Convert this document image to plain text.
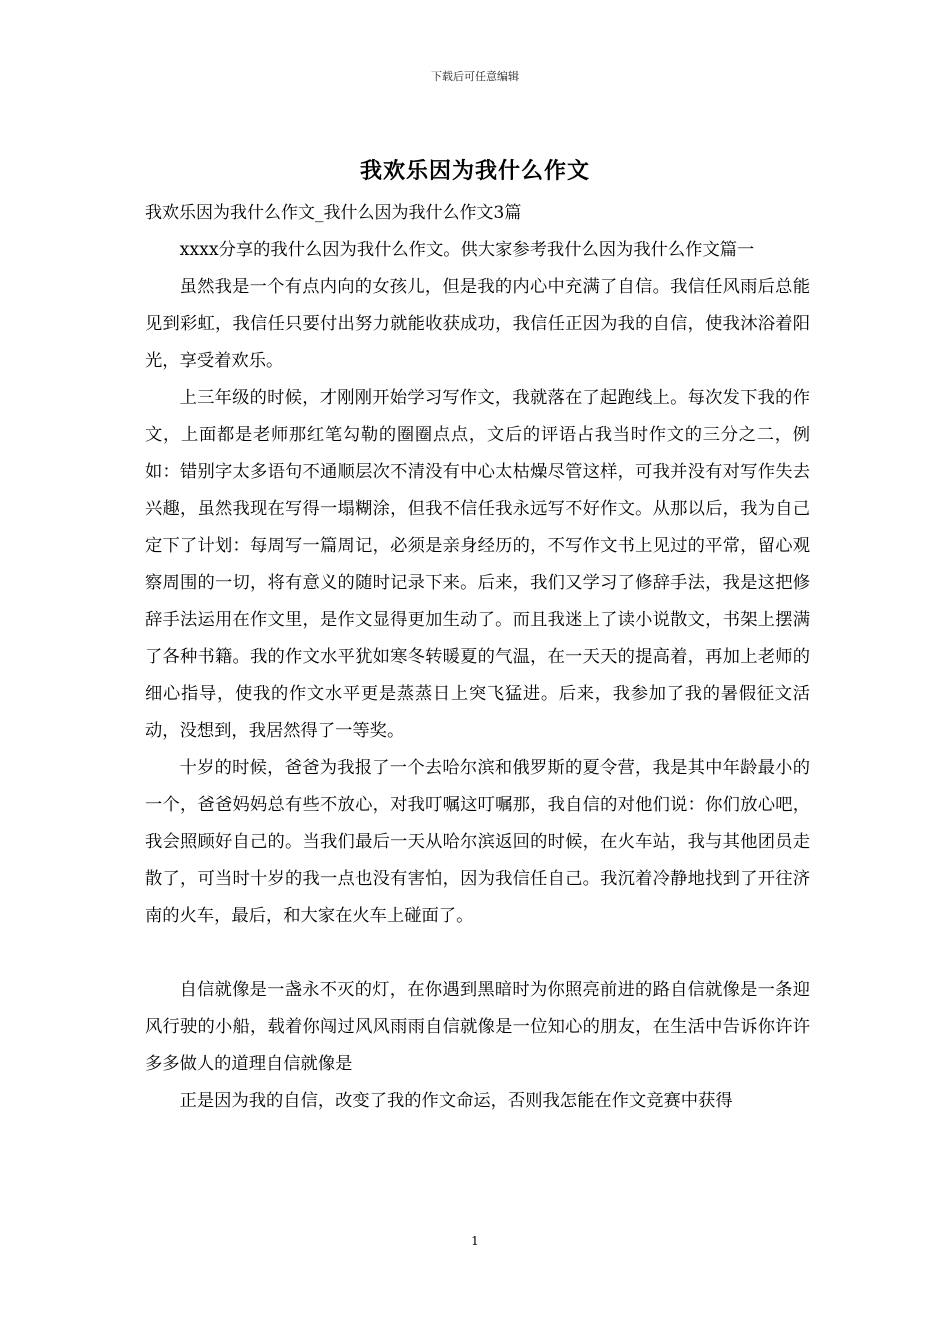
下载后可任意编辑
我欢乐因为我什么作文

我欢乐因为我什么作文_我什么因为我什么作文3篇

xxxx分享的我什么因为我什么作文。供大家参考我什么因为我什么作文篇一

虽然我是一个有点内向的女孩儿，但是我的内心中充满了自信。我信任风雨后总能见到彩虹，我信任只要付出努力就能收获成功，我信任正因为我的自信，使我沐浴着阳光，享受着欢乐。

上三年级的时候，才刚刚开始学习写作文，我就落在了起跑线上。每次发下我的作文，上面都是老师那红笔勾勒的圈圈点点，文后的评语占我当时作文的三分之二，例如：错别字太多语句不通顺层次不清没有中心太枯燥尽管这样，可我并没有对写作失去兴趣，虽然我现在写得一塌糊涂，但我不信任我永远写不好作文。从那以后，我为自己定下了计划：每周写一篇周记，必须是亲身经历的，不写作文书上见过的平常，留心观察周围的一切，将有意义的随时记录下来。后来，我们又学习了修辞手法，我是这把修辞手法运用在作文里，是作文显得更加生动了。而且我迷上了读小说散文，书架上摆满了各种书籍。我的作文水平犹如寒冬转暖夏的气温，在一天天的提高着，再加上老师的细心指导，使我的作文水平更是蒸蒸日上突飞猛进。后来，我参加了我的暑假征文活动，没想到，我居然得了一等奖。

十岁的时候，爸爸为我报了一个去哈尔滨和俄罗斯的夏令营，我是其中年龄最小的一个，爸爸妈妈总有些不放心，对我叮嘱这叮嘱那，我自信的对他们说：你们放心吧，我会照顾好自己的。当我们最后一天从哈尔滨返回的时候，在火车站，我与其他团员走散了，可当时十岁的我一点也没有害怕，因为我信任自己。我沉着冷静地找到了开往济南的火车，最后，和大家在火车上碰面了。

自信就像是一盏永不灭的灯，在你遇到黑暗时为你照亮前进的路自信就像是一条迎风行驶的小船，载着你闯过风风雨雨自信就像是一位知心的朋友，在生活中告诉你许许多多做人的道理自信就像是

正是因为我的自信，改变了我的作文命运，否则我怎能在作文竞赛中获得

1
